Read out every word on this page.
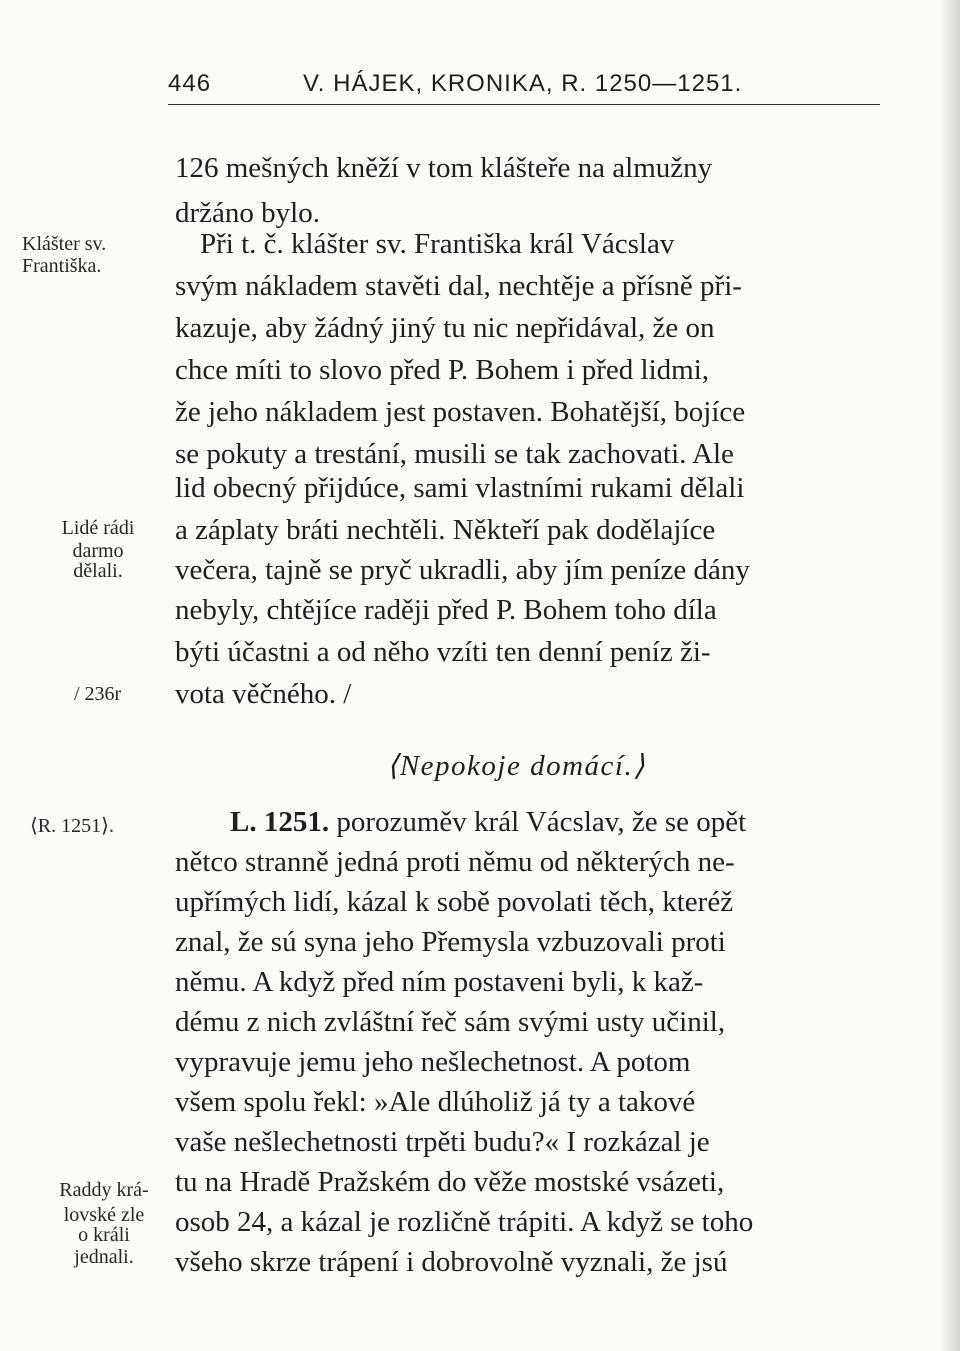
446	V. HÁJEK, KRONIKA, R. 1250—1251.
126 mešných kněží v tom klášteře na almužny
držáno bylo.
Při t. č. klášter sv. Františka král Vácslav
svým nákladem stavěti dal, nechtěje a přísně při-
kazuje, aby žádný jiný tu nic nepřidával, že on
chce míti to slovo před P. Bohem i před lidmi,
že jeho nákladem jest postaven. Bohatější, bojíce
se pokuty a trestání, musili se tak zachovati. Ale
lid obecný přijdúce, sami vlastními rukami dělali
a záplaty bráti nechtěli. Někteří pak dodělajíce
večera, tajně se pryč ukradli, aby jím peníze dány
nebyly, chtějíce raději před P. Bohem toho díla
býti účastni a od něho vzíti ten denní peníz ži-
vota věčného. /
⟨Nepokoje domácí.⟩
L. 1251. porozuměv král Vácslav, že se opět
nětco stranně jedná proti němu od některých ne-
upřímých lidí, kázal k sobě povolati těch, kteréž
znal, že sú syna jeho Přemysla vzbuzovali proti
němu. A když před ním postaveni byli, k kaž-
dému z nich zvláštní řeč sám svými usty učinil,
vypravuje jemu jeho nešlechetnost. A potom
všem spolu řekl: »Ale dlúholiž já ty a takové
vaše nešlechetnosti trpěti budu?« I rozkázal je
tu na Hradě Pražském do věže mostské vsázeti,
osob 24, a kázal je rozličně trápiti. A když se toho
všeho skrze trápení i dobrovolně vyznali, že jsú
Klášter sv.
Františka.
Lidé rádi
darmo
dělali.
/ 236r
⟨R. 1251⟩.
Raddy krá-
lovské zle
o králi
jednali.
